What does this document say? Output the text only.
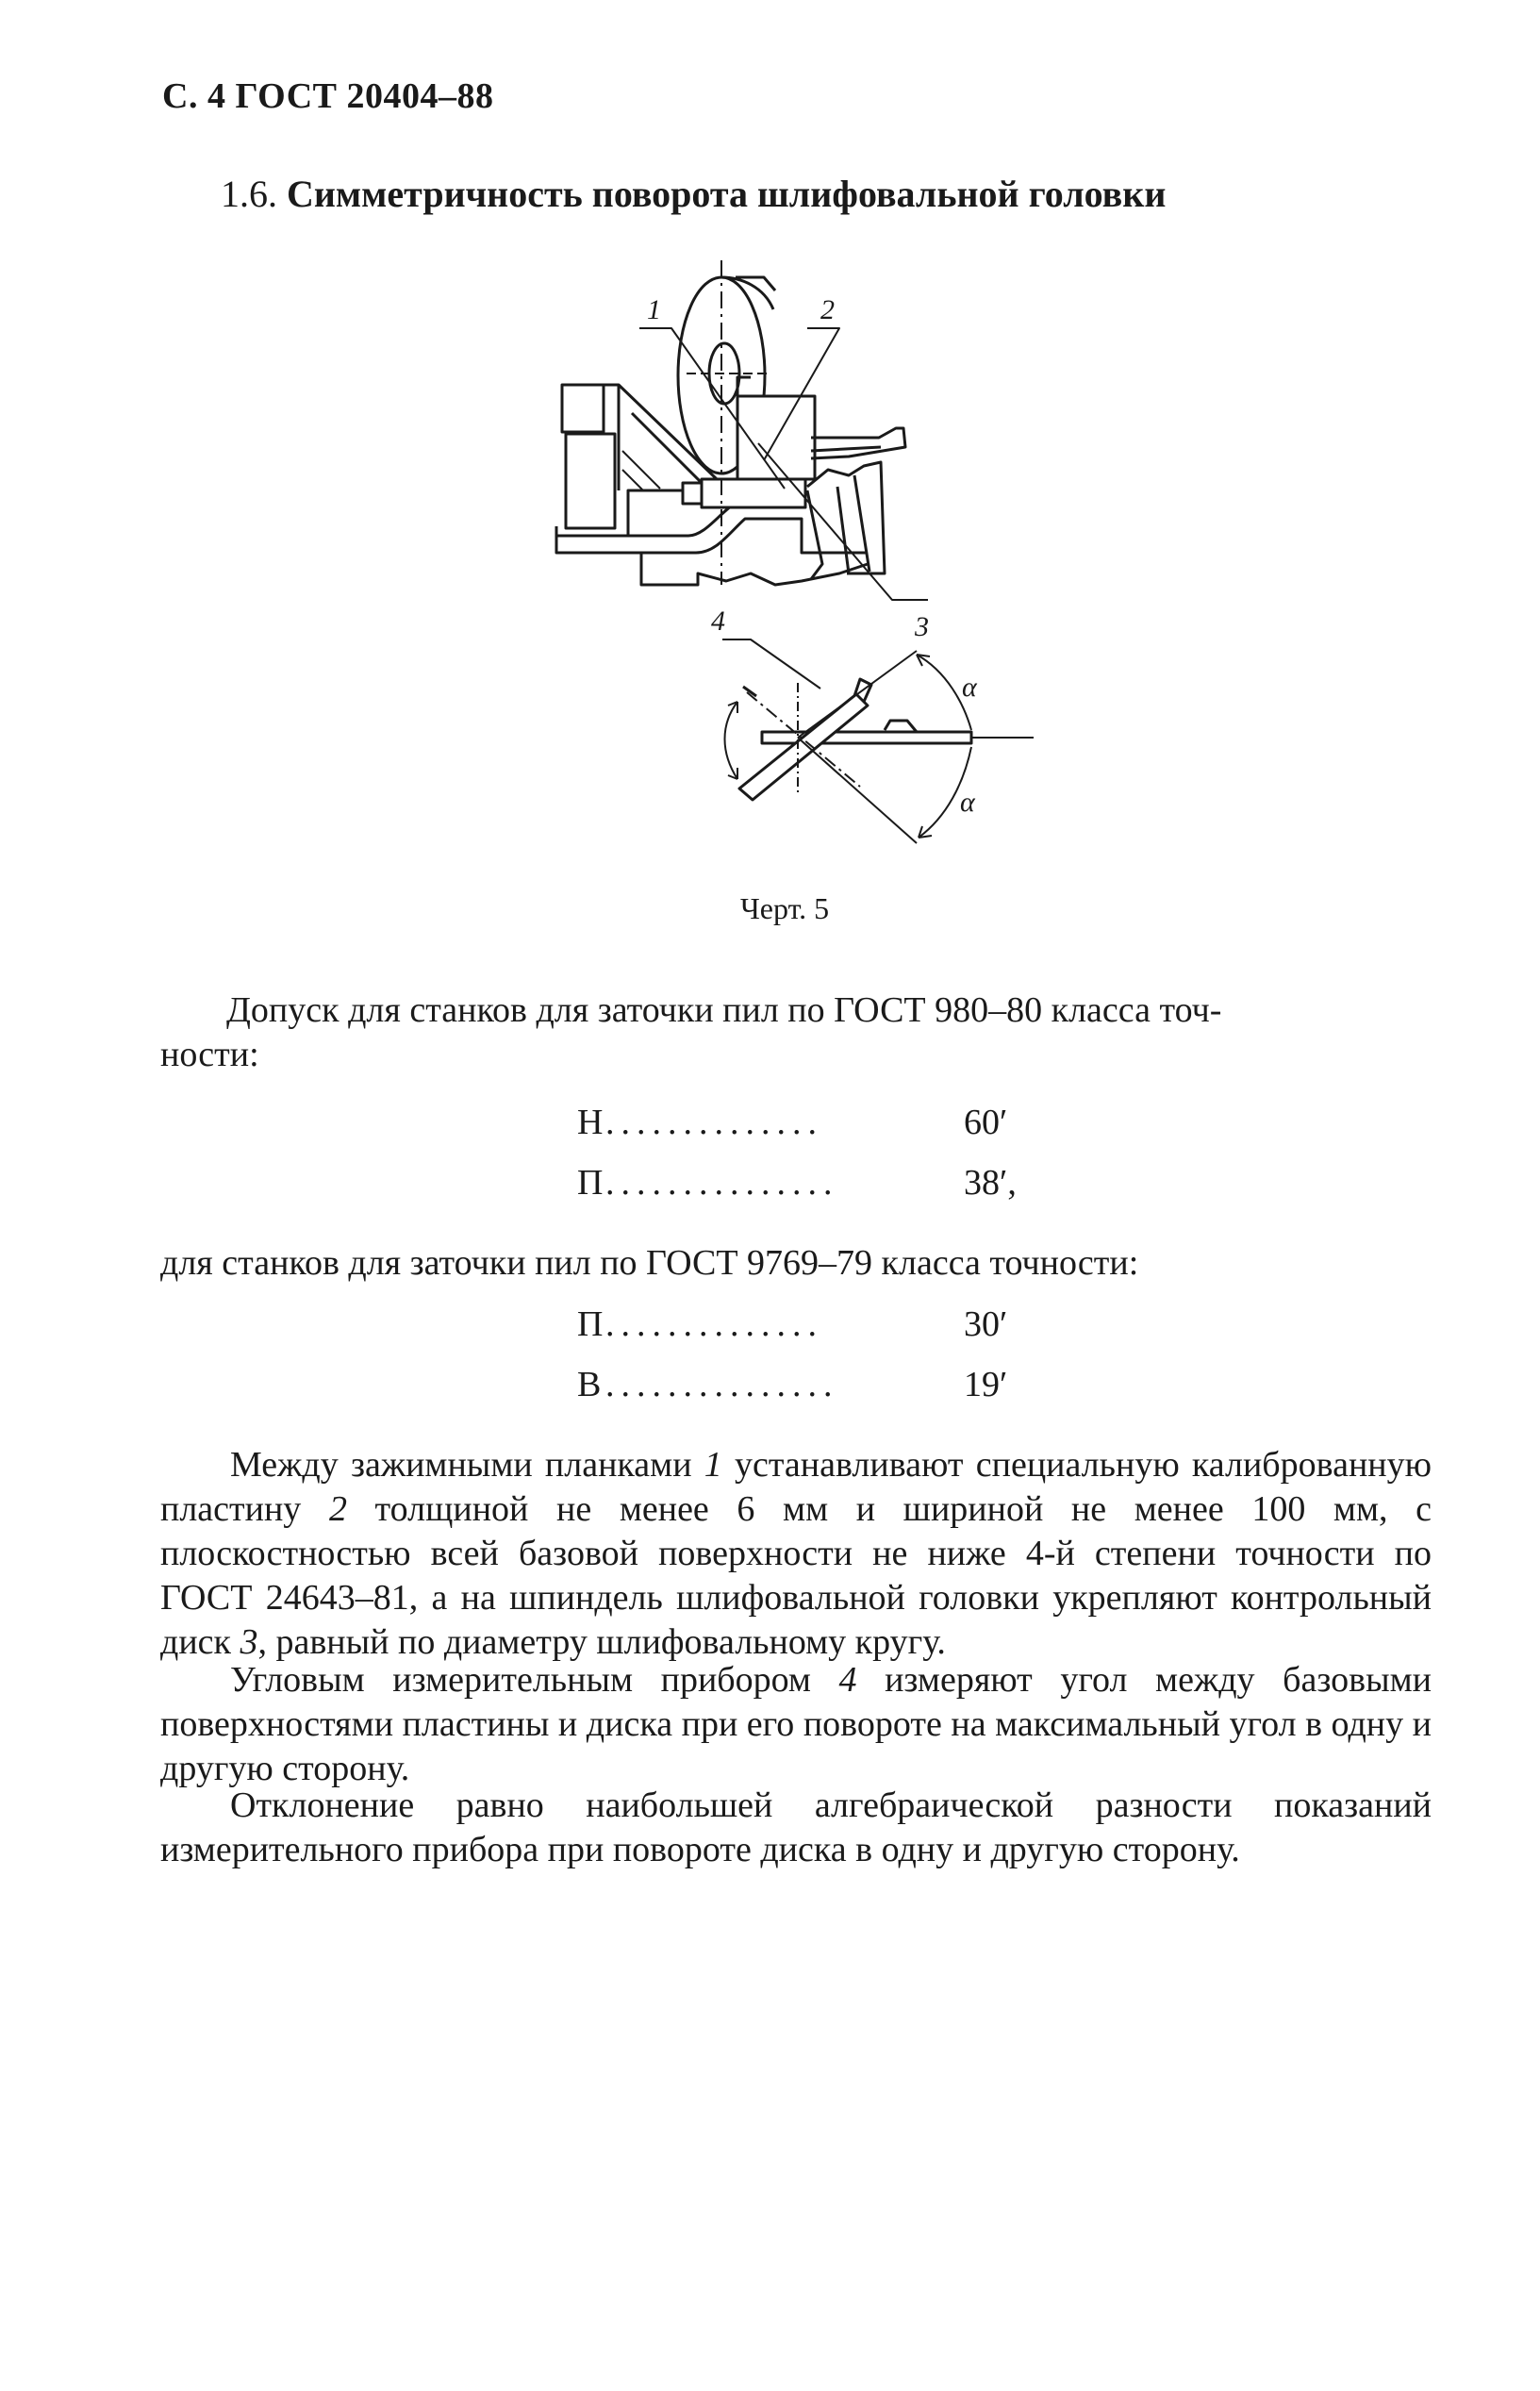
С. 4 ГОСТ 20404–88
1.6. Симметричность поворота шлифовальной головки
1	2
3
4
α
α
Черт. 5
Допуск для станков для заточки пил по ГОСТ 980–80 класса точ-
ности:
Н ..............	60′
П ...............	38′,
для станков для заточки пил по ГОСТ 9769–79 класса точности:
П ..............	30′
В ...............	19′
Между зажимными планками 1 устанавливают специальную калиброванную пластину 2 толщиной не менее 6 мм и шириной не менее 100 мм, с плоскостностью всей базовой поверхности не ниже 4-й степени точности по ГОСТ 24643–81, а на шпиндель шлифовальной головки укрепляют контрольный диск 3, равный по диаметру шлифовальному кругу.
Угловым измерительным прибором 4 измеряют угол между базовыми поверхностями пластины и диска при его повороте на максимальный угол в одну и другую сторону.
Отклонение равно наибольшей алгебраической разности показаний измерительного прибора при повороте диска в одну и другую сторону.
